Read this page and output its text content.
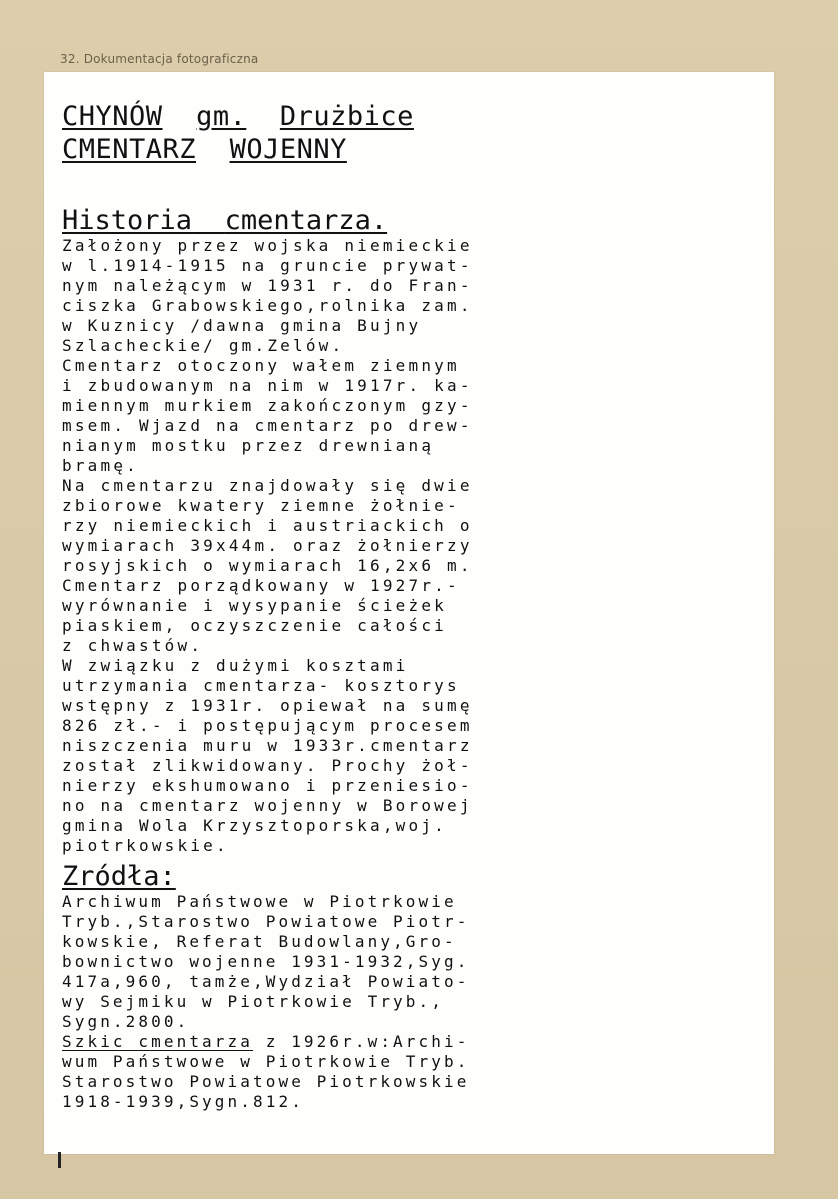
32. Dokumentacja fotograficzna
CHYNÓW gm. Drużbice
CMENTARZ WOJENNY
Historia cmentarza.

Założony przez wojska niemieckie

w l.1914-1915 na gruncie prywat-

nym należącym w 1931 r. do Fran-

ciszka Grabowskiego,rolnika zam.

w Kuznicy /dawna gmina Bujny

Szlacheckie/ gm.Zelów.

Cmentarz otoczony wałem ziemnym

i zbudowanym na nim w 1917r. ka-

miennym murkiem zakończonym gzy-

msem. Wjazd na cmentarz po drew-

nianym mostku przez drewnianą

bramę.

Na cmentarzu znajdowały się dwie

zbiorowe kwatery ziemne żołnie-

rzy niemieckich i austriackich o

wymiarach 39x44m. oraz żołnierzy

rosyjskich o wymiarach 16,2x6 m.

Cmentarz porządkowany w 1927r.-

wyrównanie i wysypanie ścieżek

piaskiem, oczyszczenie całości

z chwastów.

W związku z dużymi kosztami

utrzymania cmentarza- kosztorys

wstępny z 1931r. opiewał na sumę

826 zł.- i postępującym procesem

niszczenia muru w 1933r.cmentarz

został zlikwidowany. Prochy żoł-

nierzy ekshumowano i przeniesio-

no na cmentarz wojenny w Borowej

gmina Wola Krzysztoporska,woj.

piotrkowskie.

Zródła:

Archiwum Państwowe w Piotrkowie

Tryb.,Starostwo Powiatowe Piotr-

kowskie, Referat Budowlany,Gro-

bownictwo wojenne 1931-1932,Syg.

417a,960, tamże,Wydział Powiato-

wy Sejmiku w Piotrkowie Tryb.,

Sygn.2800.

Szkic cmentarza z 1926r.w:Archi-

wum Państwowe w Piotrkowie Tryb.

Starostwo Powiatowe Piotrkowskie

1918-1939,Sygn.812.
